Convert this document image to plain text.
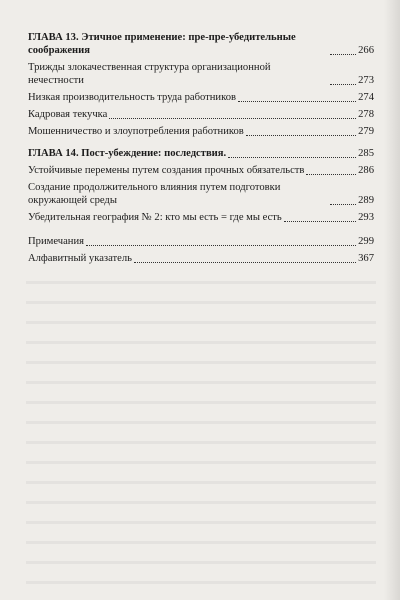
ГЛАВА 13. Этичное применение: пре-пре-убедительные соображения	266
Трижды злокачественная структура организационной нечестности	273
Низкая производительность труда работников	274
Кадровая текучка	278
Мошенничество и злоупотребления работников	279
ГЛАВА 14. Пост-убеждение: последствия.	285
Устойчивые перемены путем создания прочных обязательств	286
Создание продолжительного влияния путем подготовки окружающей среды	289
Убедительная география № 2: кто мы есть = где мы есть	293
Примечания	299
Алфавитный указатель	367
